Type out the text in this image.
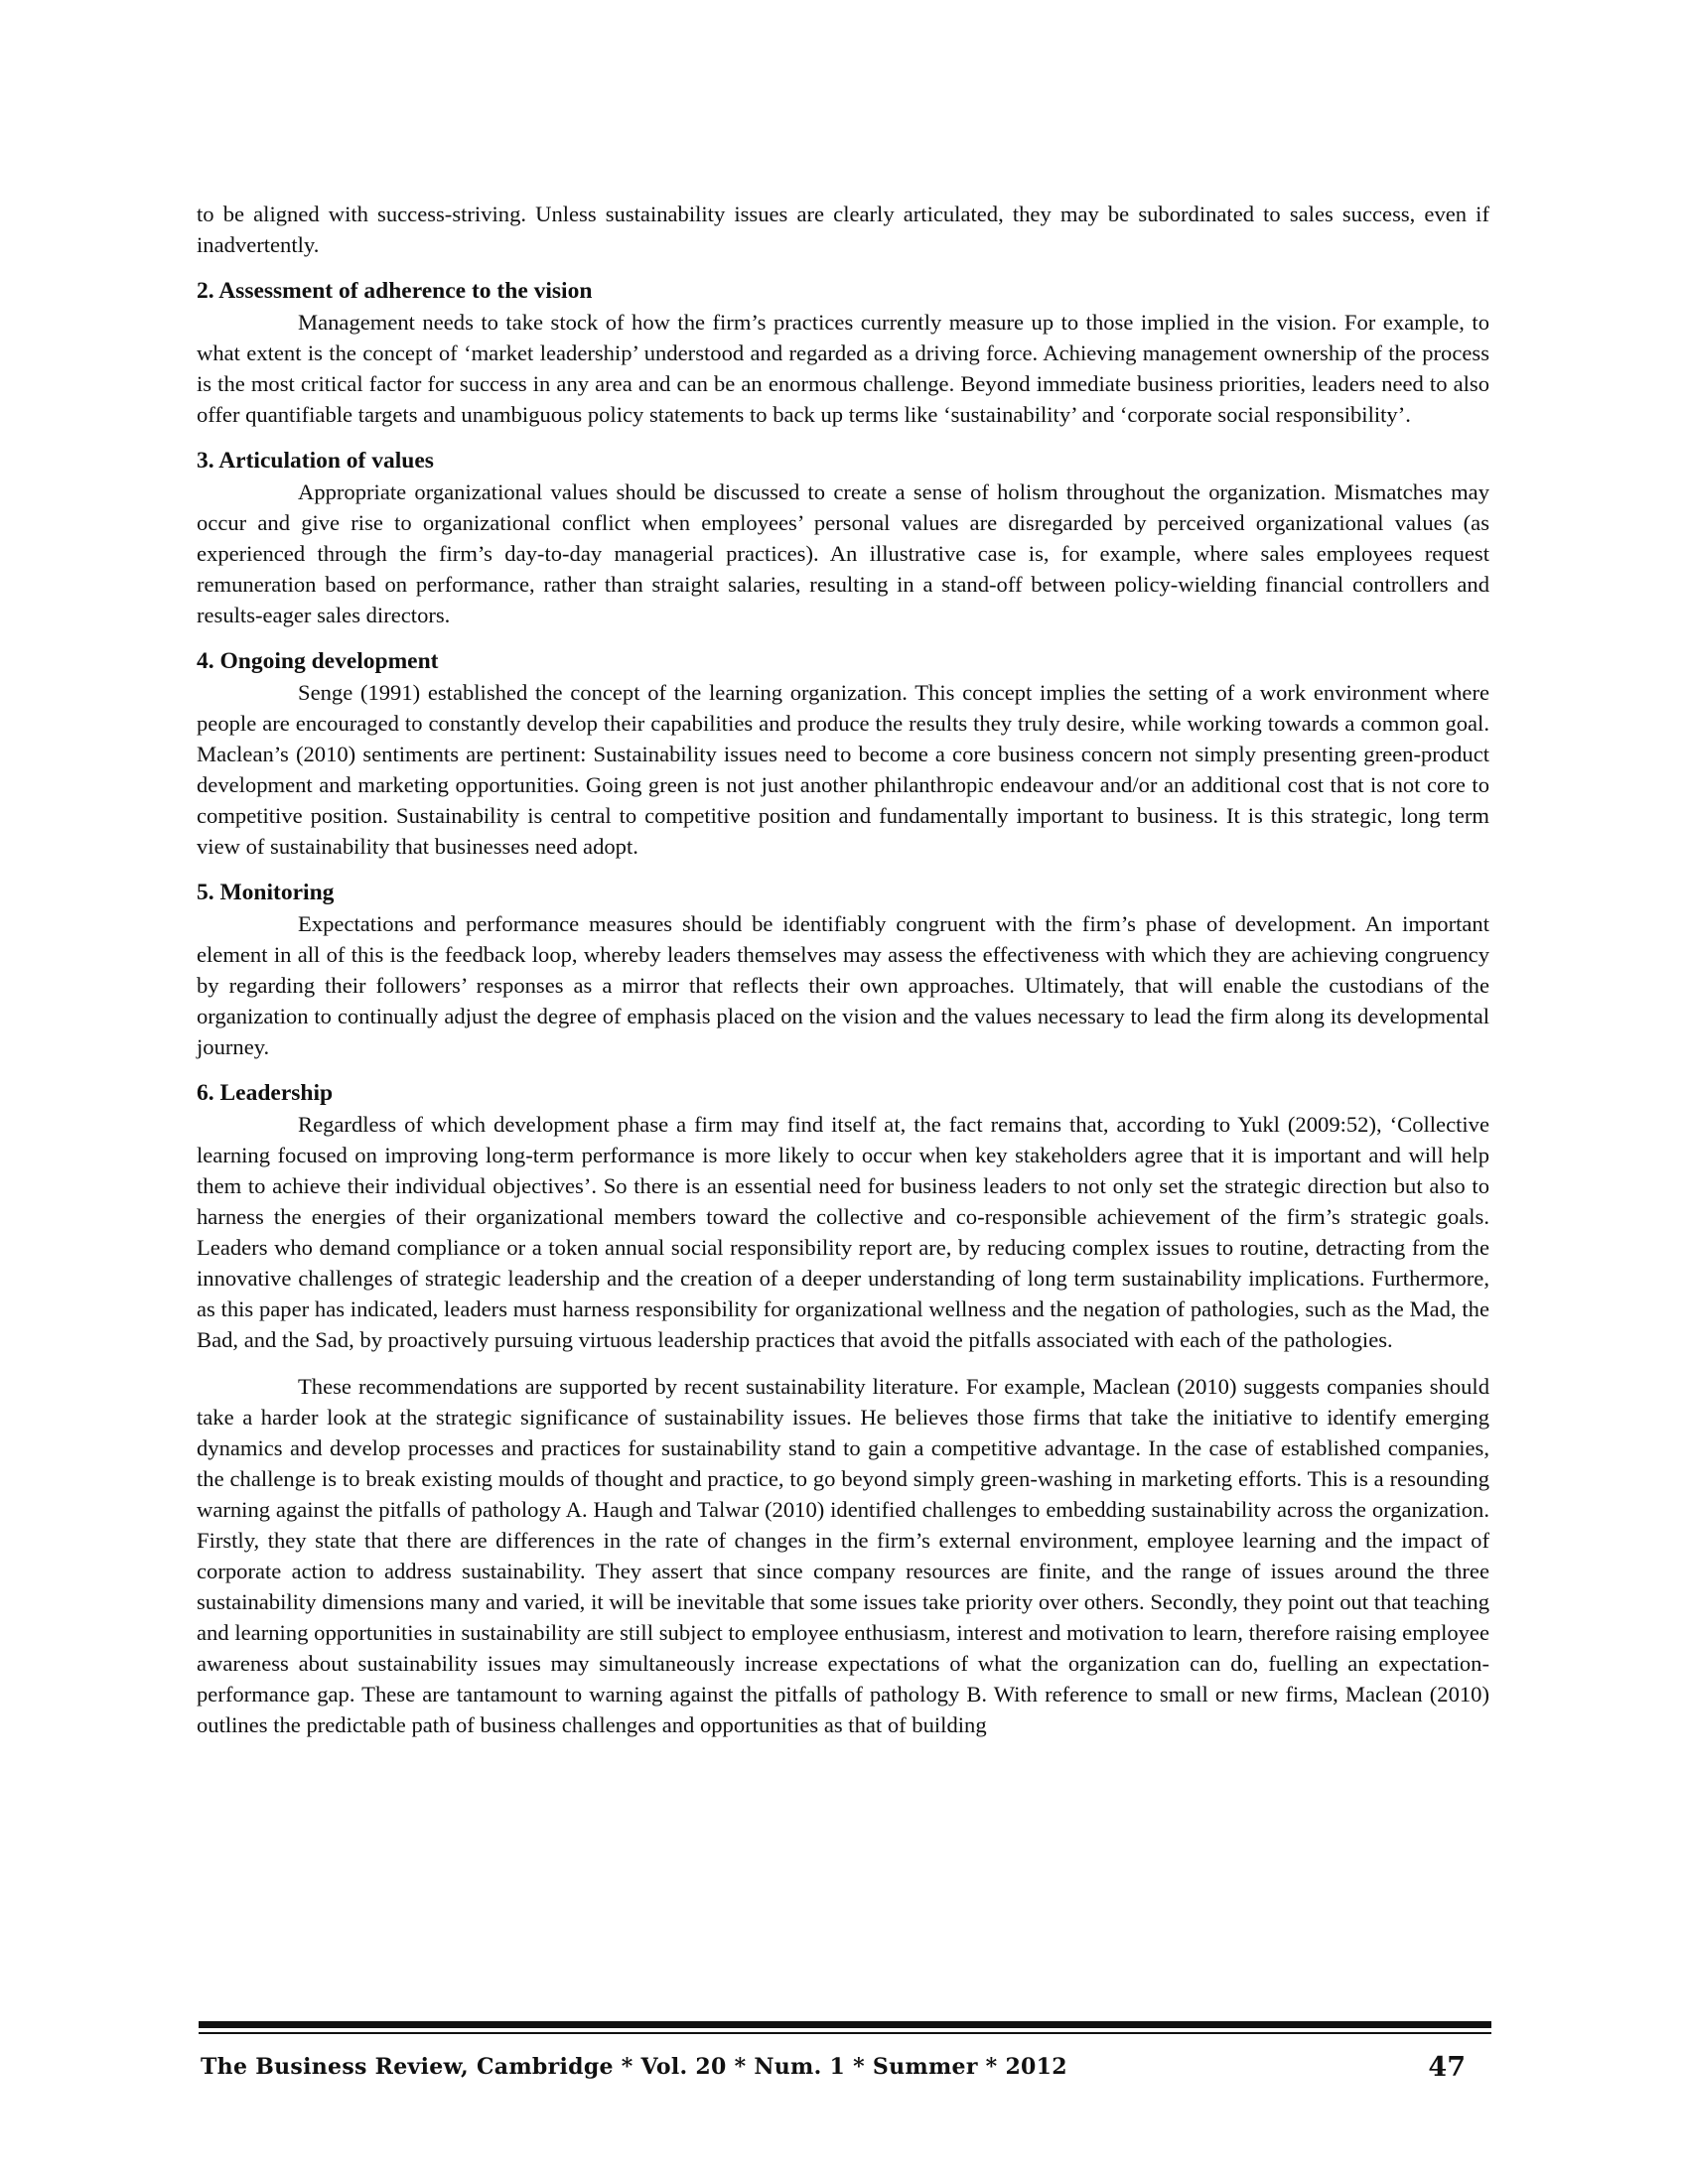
to be aligned with success-striving. Unless sustainability issues are clearly articulated, they may be subordinated to sales success, even if inadvertently.

2. Assessment of adherence to the vision

Management needs to take stock of how the firm’s practices currently measure up to those implied in the vision. For example, to what extent is the concept of ‘market leadership’ understood and regarded as a driving force. Achieving management ownership of the process is the most critical factor for success in any area and can be an enormous challenge. Beyond immediate business priorities, leaders need to also offer quantifiable targets and unambiguous policy statements to back up terms like ‘sustainability’ and ‘corporate social responsibility’.

3. Articulation of values

Appropriate organizational values should be discussed to create a sense of holism throughout the organization. Mismatches may occur and give rise to organizational conflict when employees’ personal values are disregarded by perceived organizational values (as experienced through the firm’s day-to-day managerial practices). An illustrative case is, for example, where sales employees request remuneration based on performance, rather than straight salaries, resulting in a stand-off between policy-wielding financial controllers and results-eager sales directors.

4. Ongoing development

Senge (1991) established the concept of the learning organization. This concept implies the setting of a work environment where people are encouraged to constantly develop their capabilities and produce the results they truly desire, while working towards a common goal. Maclean’s (2010) sentiments are pertinent: Sustainability issues need to become a core business concern not simply presenting green-product development and marketing opportunities. Going green is not just another philanthropic endeavour and/or an additional cost that is not core to competitive position. Sustainability is central to competitive position and fundamentally important to business. It is this strategic, long term view of sustainability that businesses need adopt.

5. Monitoring

Expectations and performance measures should be identifiably congruent with the firm’s phase of development. An important element in all of this is the feedback loop, whereby leaders themselves may assess the effectiveness with which they are achieving congruency by regarding their followers’ responses as a mirror that reflects their own approaches. Ultimately, that will enable the custodians of the organization to continually adjust the degree of emphasis placed on the vision and the values necessary to lead the firm along its developmental journey.

6. Leadership

Regardless of which development phase a firm may find itself at, the fact remains that, according to Yukl (2009:52), ‘Collective learning focused on improving long-term performance is more likely to occur when key stakeholders agree that it is important and will help them to achieve their individual objectives’. So there is an essential need for business leaders to not only set the strategic direction but also to harness the energies of their organizational members toward the collective and co-responsible achievement of the firm’s strategic goals. Leaders who demand compliance or a token annual social responsibility report are, by reducing complex issues to routine, detracting from the innovative challenges of strategic leadership and the creation of a deeper understanding of long term sustainability implications. Furthermore, as this paper has indicated, leaders must harness responsibility for organizational wellness and the negation of pathologies, such as the Mad, the Bad, and the Sad, by proactively pursuing virtuous leadership practices that avoid the pitfalls associated with each of the pathologies.

These recommendations are supported by recent sustainability literature. For example, Maclean (2010) suggests companies should take a harder look at the strategic significance of sustainability issues. He believes those firms that take the initiative to identify emerging dynamics and develop processes and practices for sustainability stand to gain a competitive advantage. In the case of established companies, the challenge is to break existing moulds of thought and practice, to go beyond simply green-washing in marketing efforts. This is a resounding warning against the pitfalls of pathology A. Haugh and Talwar (2010) identified challenges to embedding sustainability across the organization. Firstly, they state that there are differences in the rate of changes in the firm’s external environment, employee learning and the impact of corporate action to address sustainability. They assert that since company resources are finite, and the range of issues around the three sustainability dimensions many and varied, it will be inevitable that some issues take priority over others. Secondly, they point out that teaching and learning opportunities in sustainability are still subject to employee enthusiasm, interest and motivation to learn, therefore raising employee awareness about sustainability issues may simultaneously increase expectations of what the organization can do, fuelling an expectation-performance gap. These are tantamount to warning against the pitfalls of pathology B. With reference to small or new firms, Maclean (2010) outlines the predictable path of business challenges and opportunities as that of building

The Business Review, Cambridge * Vol. 20 * Num. 1 * Summer * 2012	47
